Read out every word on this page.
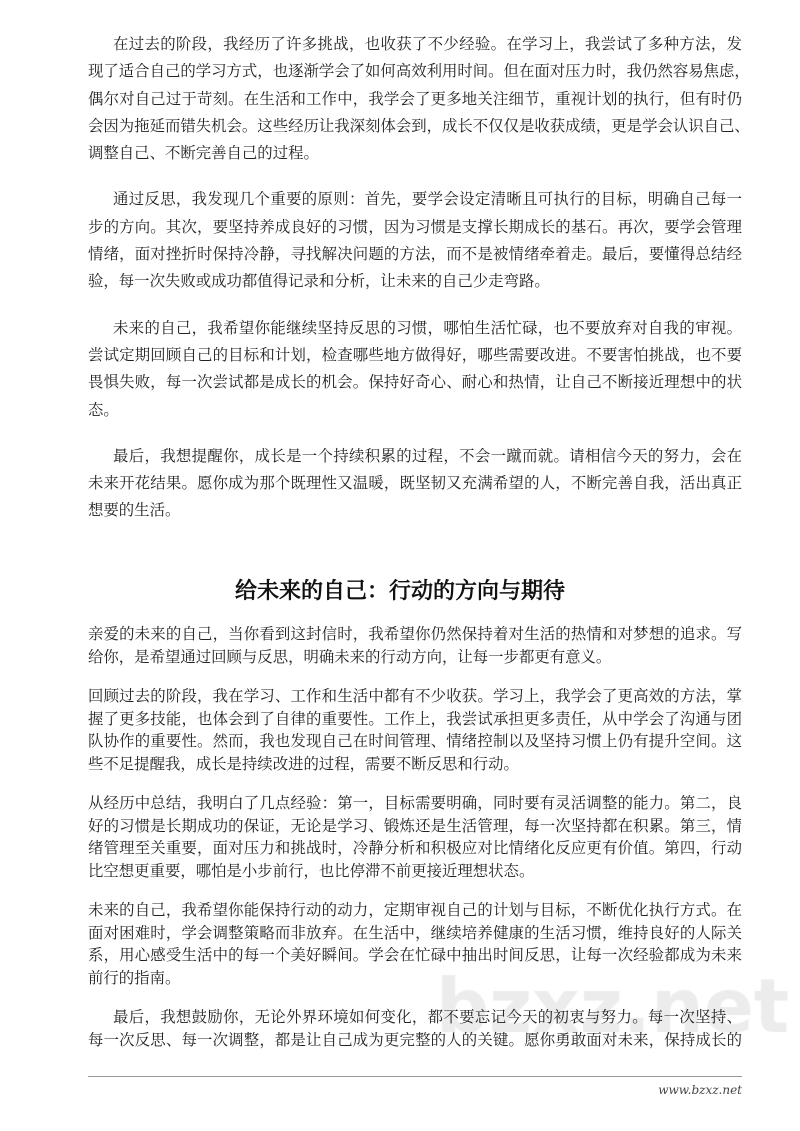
在过去的阶段，我经历了许多挑战，也收获了不少经验。在学习上，我尝试了多种方法，发
现了适合自己的学习方式，也逐渐学会了如何高效利用时间。但在面对压力时，我仍然容易焦虑，
偶尔对自己过于苛刻。在生活和工作中，我学会了更多地关注细节，重视计划的执行，但有时仍
会因为拖延而错失机会。这些经历让我深刻体会到，成长不仅仅是收获成绩，更是学会认识自己、
调整自己、不断完善自己的过程。
通过反思，我发现几个重要的原则：首先，要学会设定清晰且可执行的目标，明确自己每一
步的方向。其次，要坚持养成良好的习惯，因为习惯是支撑长期成长的基石。再次，要学会管理
情绪，面对挫折时保持冷静，寻找解决问题的方法，而不是被情绪牵着走。最后，要懂得总结经
验，每一次失败或成功都值得记录和分析，让未来的自己少走弯路。
未来的自己，我希望你能继续坚持反思的习惯，哪怕生活忙碌，也不要放弃对自我的审视。
尝试定期回顾自己的目标和计划，检查哪些地方做得好，哪些需要改进。不要害怕挑战，也不要
畏惧失败，每一次尝试都是成长的机会。保持好奇心、耐心和热情，让自己不断接近理想中的状
态。
最后，我想提醒你，成长是一个持续积累的过程，不会一蹴而就。请相信今天的努力，会在
未来开花结果。愿你成为那个既理性又温暖，既坚韧又充满希望的人，不断完善自我，活出真正
想要的生活。
给未来的自己：行动的方向与期待
亲爱的未来的自己，当你看到这封信时，我希望你仍然保持着对生活的热情和对梦想的追求。写
给你，是希望通过回顾与反思，明确未来的行动方向，让每一步都更有意义。
回顾过去的阶段，我在学习、工作和生活中都有不少收获。学习上，我学会了更高效的方法，掌
握了更多技能，也体会到了自律的重要性。工作上，我尝试承担更多责任，从中学会了沟通与团
队协作的重要性。然而，我也发现自己在时间管理、情绪控制以及坚持习惯上仍有提升空间。这
些不足提醒我，成长是持续改进的过程，需要不断反思和行动。
从经历中总结，我明白了几点经验：第一，目标需要明确，同时要有灵活调整的能力。第二，良
好的习惯是长期成功的保证，无论是学习、锻炼还是生活管理，每一次坚持都在积累。第三，情
绪管理至关重要，面对压力和挑战时，冷静分析和积极应对比情绪化反应更有价值。第四，行动
比空想更重要，哪怕是小步前行，也比停滞不前更接近理想状态。
未来的自己，我希望你能保持行动的动力，定期审视自己的计划与目标，不断优化执行方式。在
面对困难时，学会调整策略而非放弃。在生活中，继续培养健康的生活习惯，维持良好的人际关
系，用心感受生活中的每一个美好瞬间。学会在忙碌中抽出时间反思，让每一次经验都成为未来
前行的指南。
最后，我想鼓励你，无论外界环境如何变化，都不要忘记今天的初衷与努力。每一次坚持、
每一次反思、每一次调整，都是让自己成为更完整的人的关键。愿你勇敢面对未来，保持成长的
www.bzxz.net
